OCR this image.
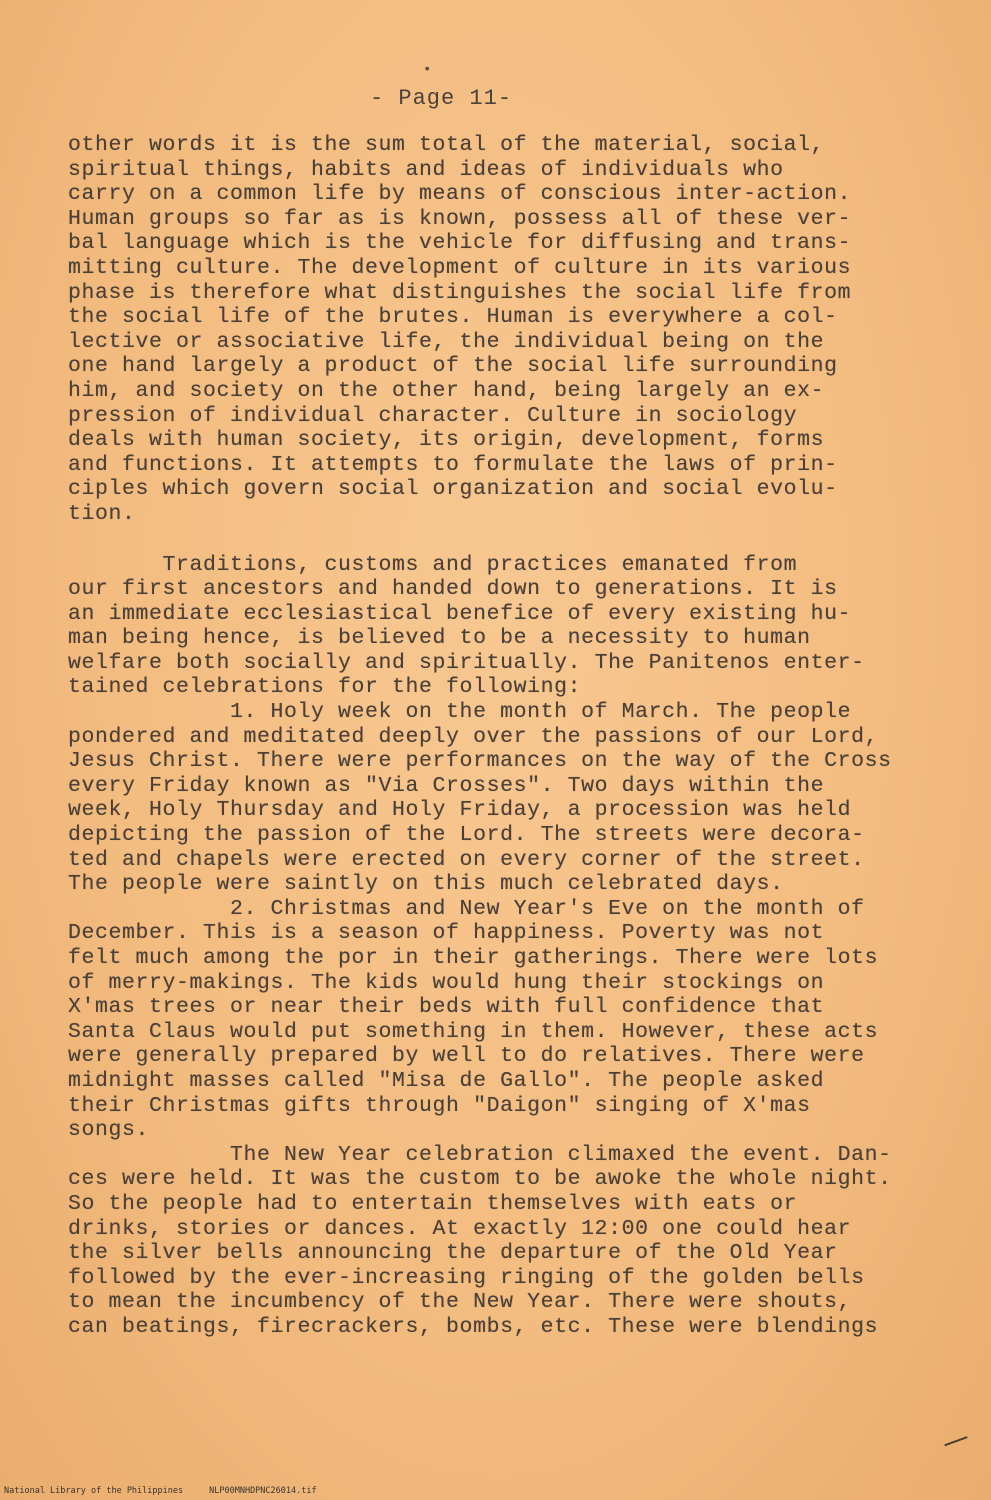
•
- Page 11-
other words it is the sum total of the material, social,
spiritual things, habits and ideas of individuals who
carry on a common life by means of conscious inter-action.
Human groups so far as is known, possess all of these ver-
bal language which is the vehicle for diffusing and trans-
mitting culture. The development of culture in its various
phase is therefore what distinguishes the social life from
the social life of the brutes. Human is everywhere a col-
lective or associative life, the individual being on the
one hand largely a product of the social life surrounding
him, and society on the other hand, being largely an ex-
pression of individual character. Culture in sociology
deals with human society, its origin, development, forms
and functions. It attempts to formulate the laws of prin-
ciples which govern social organization and social evolu-
tion.
Traditions, customs and practices emanated from
our first ancestors and handed down to generations. It is
an immediate ecclesiastical benefice of every existing hu-
man being hence, is believed to be a necessity to human
welfare both socially and spiritually. The Panitenos enter-
tained celebrations for the following:
1. Holy week on the month of March. The people
pondered and meditated deeply over the passions of our Lord,
Jesus Christ. There were performances on the way of the Cross
every Friday known as "Via Crosses". Two days within the
week, Holy Thursday and Holy Friday, a procession was held
depicting the passion of the Lord. The streets were decora-
ted and chapels were erected on every corner of the street.
The people were saintly on this much celebrated days.
2. Christmas and New Year's Eve on the month of
December. This is a season of happiness. Poverty was not
felt much among the por in their gatherings. There were lots
of merry-makings. The kids would hung their stockings on
X'mas trees or near their beds with full confidence that
Santa Claus would put something in them. However, these acts
were generally prepared by well to do relatives. There were
midnight masses called "Misa de Gallo". The people asked
their Christmas gifts through "Daigon" singing of X'mas
songs.
The New Year celebration climaxed the event. Dan-
ces were held. It was the custom to be awoke the whole night.
So the people had to entertain themselves with eats or
drinks, stories or dances. At exactly 12:00 one could hear
the silver bells announcing the departure of the Old Year
followed by the ever-increasing ringing of the golden bells
to mean the incumbency of the New Year. There were shouts,
can beatings, firecrackers, bombs, etc. These were blendings
National Library of the Philippines	NLP00MNHDPNC26014.tif
